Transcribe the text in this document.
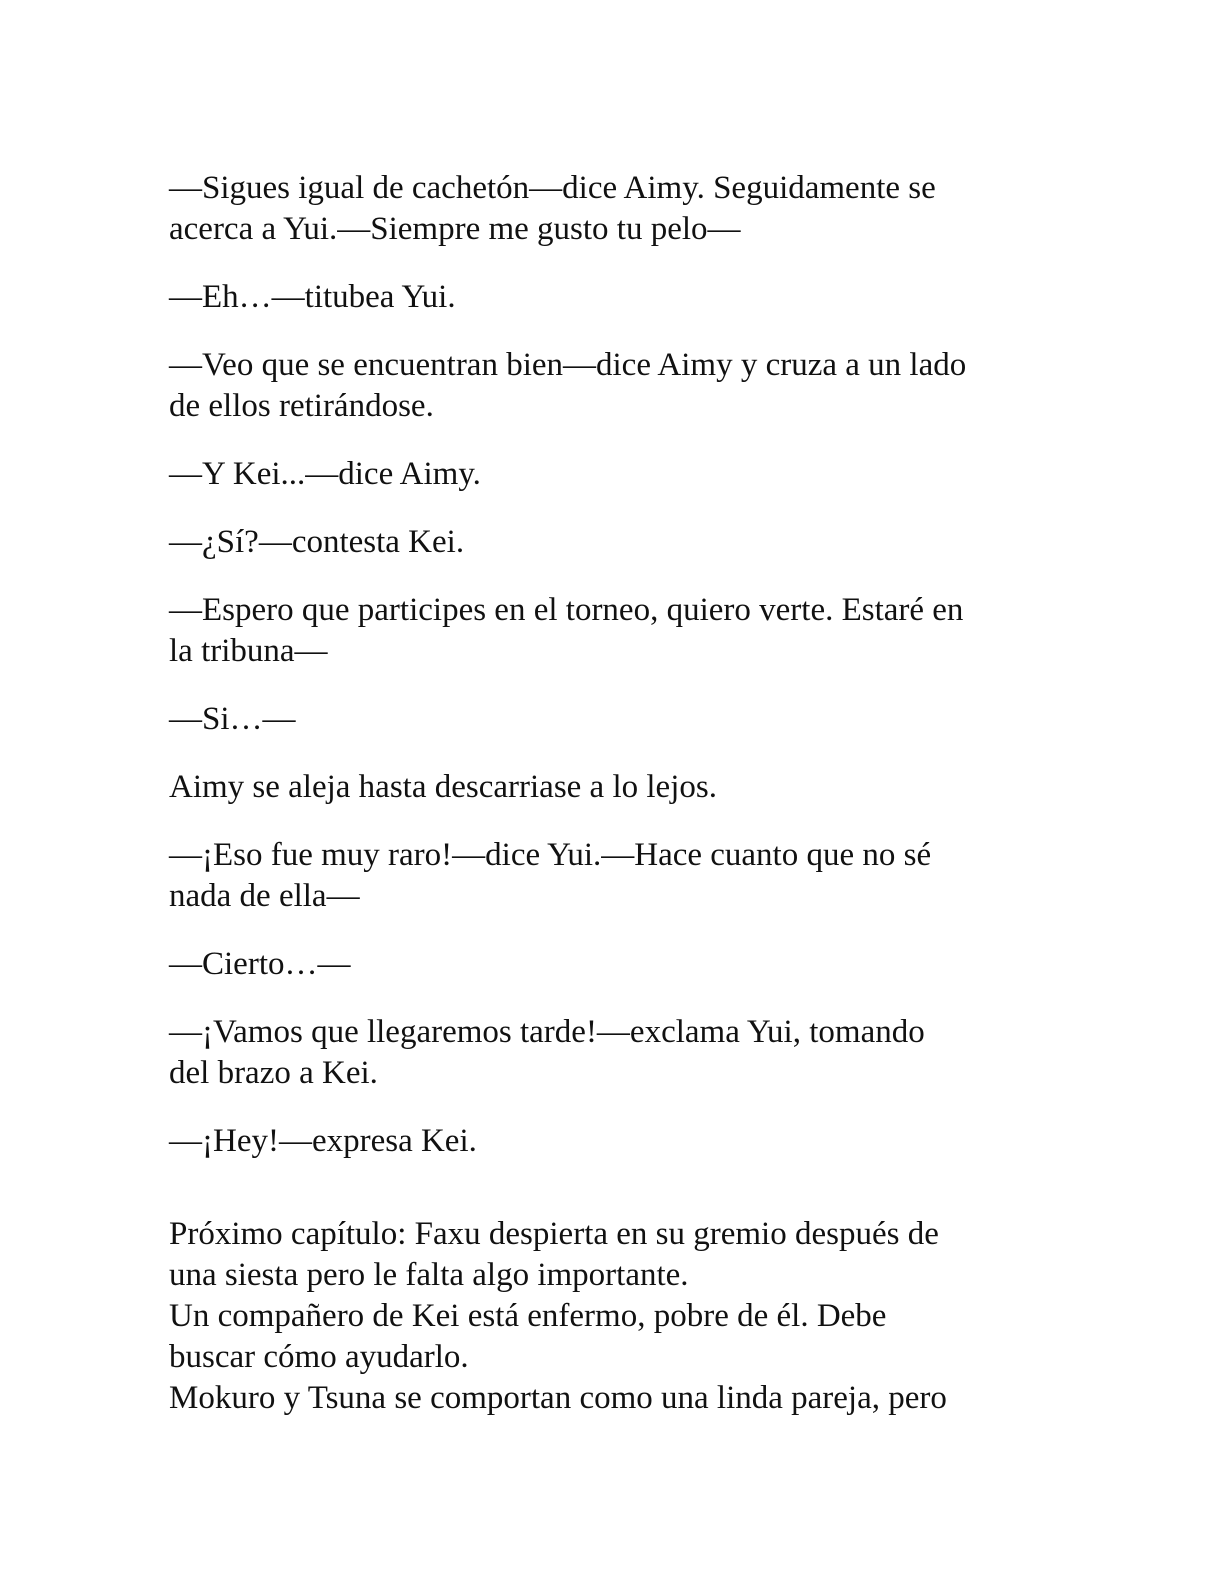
—Sigues igual de cachetón—dice Aimy. Seguidamente se
acerca a Yui.—Siempre me gusto tu pelo—

—Eh…—titubea Yui.

—Veo que se encuentran bien—dice Aimy y cruza a un lado
de ellos retirándose.

—Y Kei...—dice Aimy.

—¿Sí?—contesta Kei.

—Espero que participes en el torneo, quiero verte. Estaré en
la tribuna—

—Si…—

Aimy se aleja hasta descarriase a lo lejos.

—¡Eso fue muy raro!—dice Yui.—Hace cuanto que no sé
nada de ella—

—Cierto…—

—¡Vamos que llegaremos tarde!—exclama Yui, tomando
del brazo a Kei.

—¡Hey!—expresa Kei.

Próximo capítulo: Faxu despierta en su gremio después de
una siesta pero le falta algo importante.
Un compañero de Kei está enfermo, pobre de él. Debe
buscar cómo ayudarlo.
Mokuro y Tsuna se comportan como una linda pareja, pero
